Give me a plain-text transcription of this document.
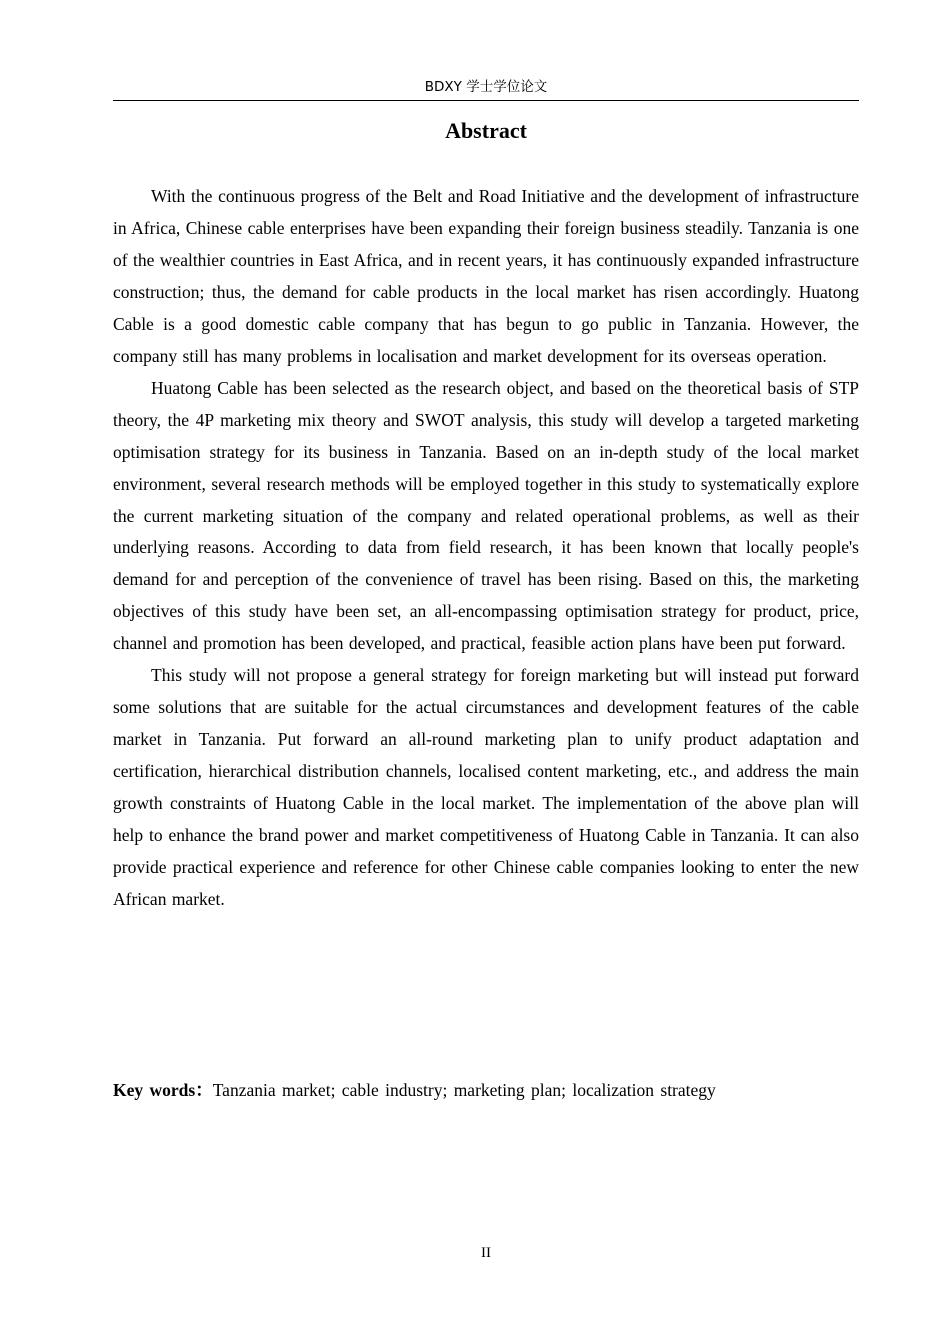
BDXY 学士学位论文
Abstract

With the continuous progress of the Belt and Road Initiative and the development of infrastructure in Africa, Chinese cable enterprises have been expanding their foreign business steadily. Tanzania is one of the wealthier countries in East Africa, and in recent years, it has continuously expanded infrastructure construction; thus, the demand for cable products in the local market has risen accordingly. Huatong Cable is a good domestic cable company that has begun to go public in Tanzania. However, the company still has many problems in localisation and market development for its overseas operation.

Huatong Cable has been selected as the research object, and based on the theoretical basis of STP theory, the 4P marketing mix theory and SWOT analysis, this study will develop a targeted marketing optimisation strategy for its business in Tanzania. Based on an in-depth study of the local market environment, several research methods will be employed together in this study to systematically explore the current marketing situation of the company and related operational problems, as well as their underlying reasons. According to data from field research, it has been known that locally people's demand for and perception of the convenience of travel has been rising. Based on this, the marketing objectives of this study have been set, an all-encompassing optimisation strategy for product, price, channel and promotion has been developed, and practical, feasible action plans have been put forward.

This study will not propose a general strategy for foreign marketing but will instead put forward some solutions that are suitable for the actual circumstances and development features of the cable market in Tanzania. Put forward an all-round marketing plan to unify product adaptation and certification, hierarchical distribution channels, localised content marketing, etc., and address the main growth constraints of Huatong Cable in the local market. The implementation of the above plan will help to enhance the brand power and market competitiveness of Huatong Cable in Tanzania. It can also provide practical experience and reference for other Chinese cable companies looking to enter the new African market.

Key words：Tanzania market; cable industry; marketing plan; localization strategy

II
